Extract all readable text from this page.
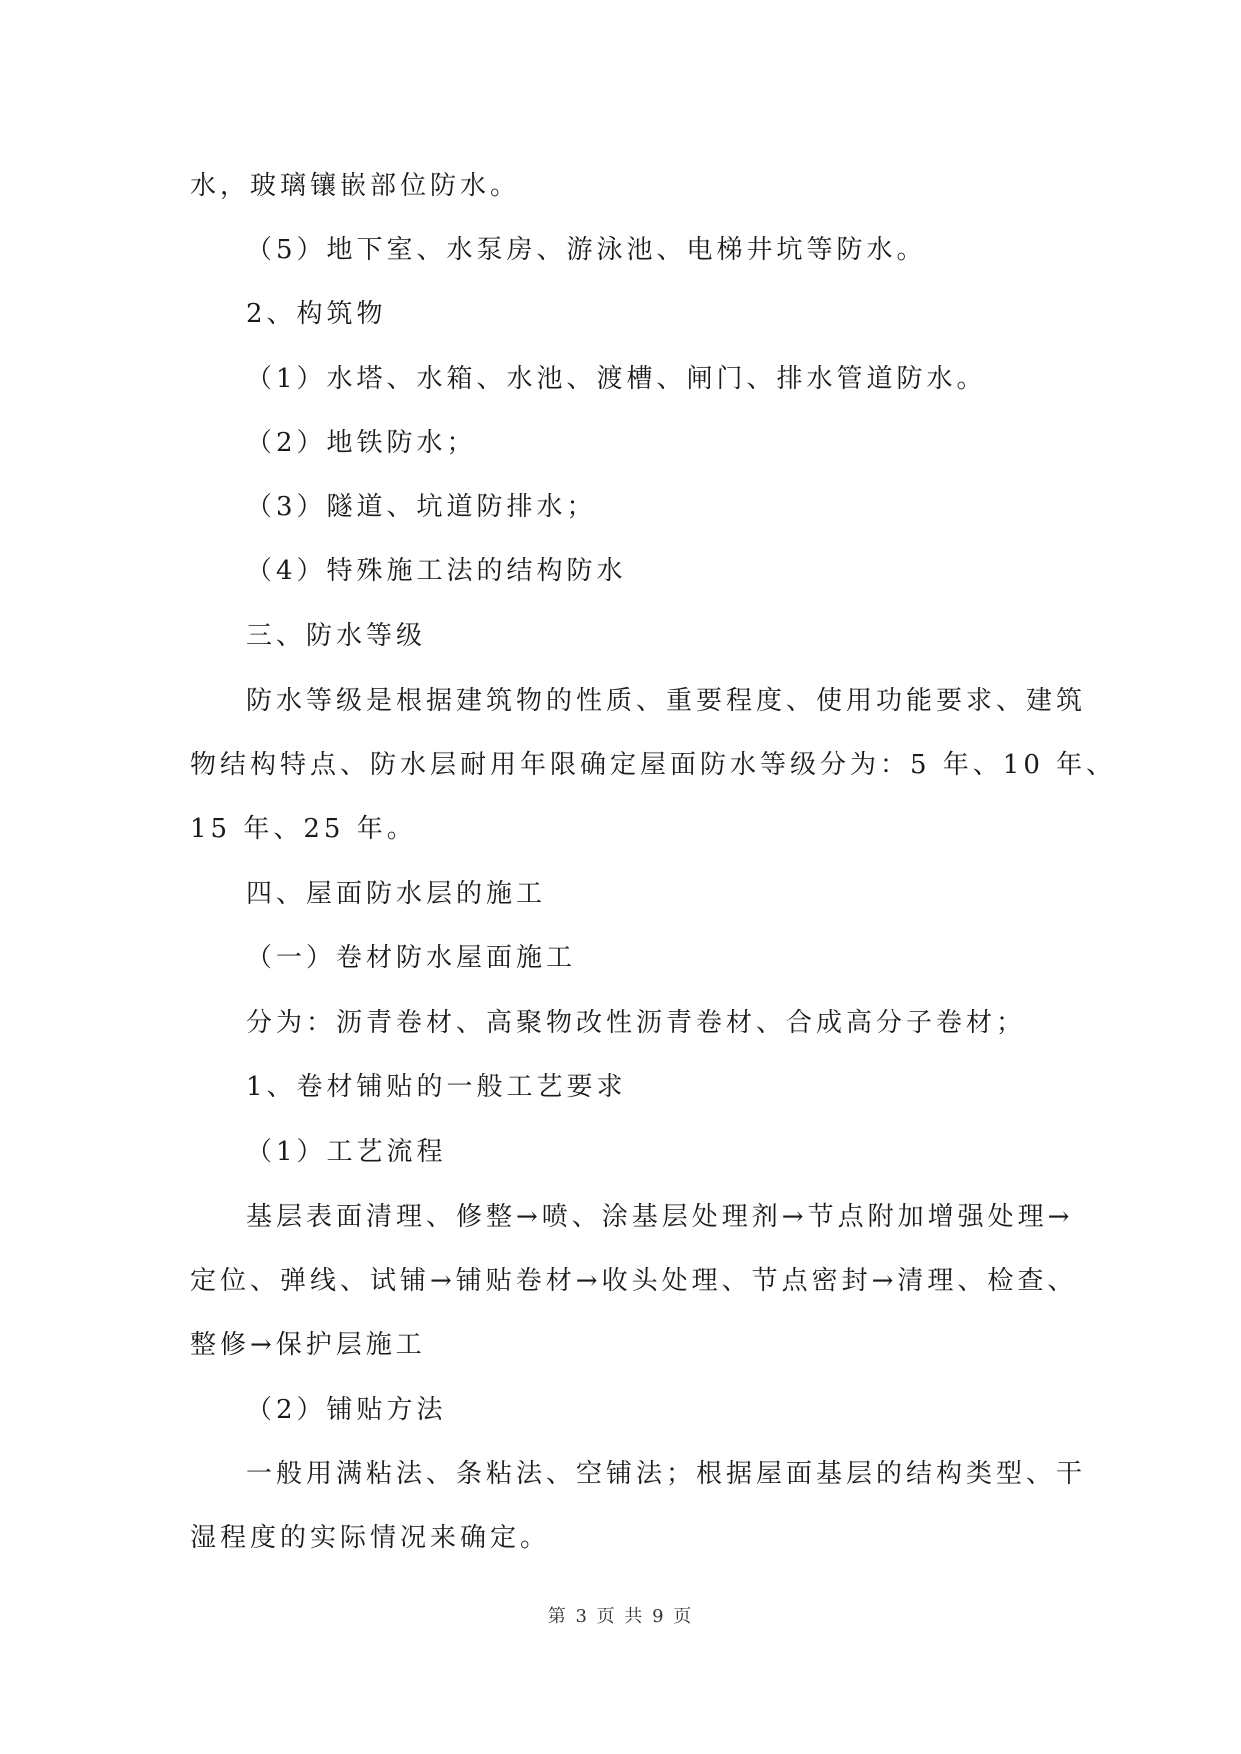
水，玻璃镶嵌部位防水。
（5）地下室、水泵房、游泳池、电梯井坑等防水。
2、构筑物
（1）水塔、水箱、水池、渡槽、闸门、排水管道防水。
（2）地铁防水；
（3）隧道、坑道防排水；
（4）特殊施工法的结构防水
三、防水等级
防水等级是根据建筑物的性质、重要程度、使用功能要求、建筑
物结构特点、防水层耐用年限确定屋面防水等级分为：5 年、10 年、
15 年、25 年。
四、屋面防水层的施工
（一）卷材防水屋面施工
分为：沥青卷材、高聚物改性沥青卷材、合成高分子卷材；
1、卷材铺贴的一般工艺要求
（1）工艺流程
基层表面清理、修整→喷、涂基层处理剂→节点附加增强处理→
定位、弹线、试铺→铺贴卷材→收头处理、节点密封→清理、检查、
整修→保护层施工
（2）铺贴方法
一般用满粘法、条粘法、空铺法；根据屋面基层的结构类型、干
湿程度的实际情况来确定。
第 3 页 共 9 页
